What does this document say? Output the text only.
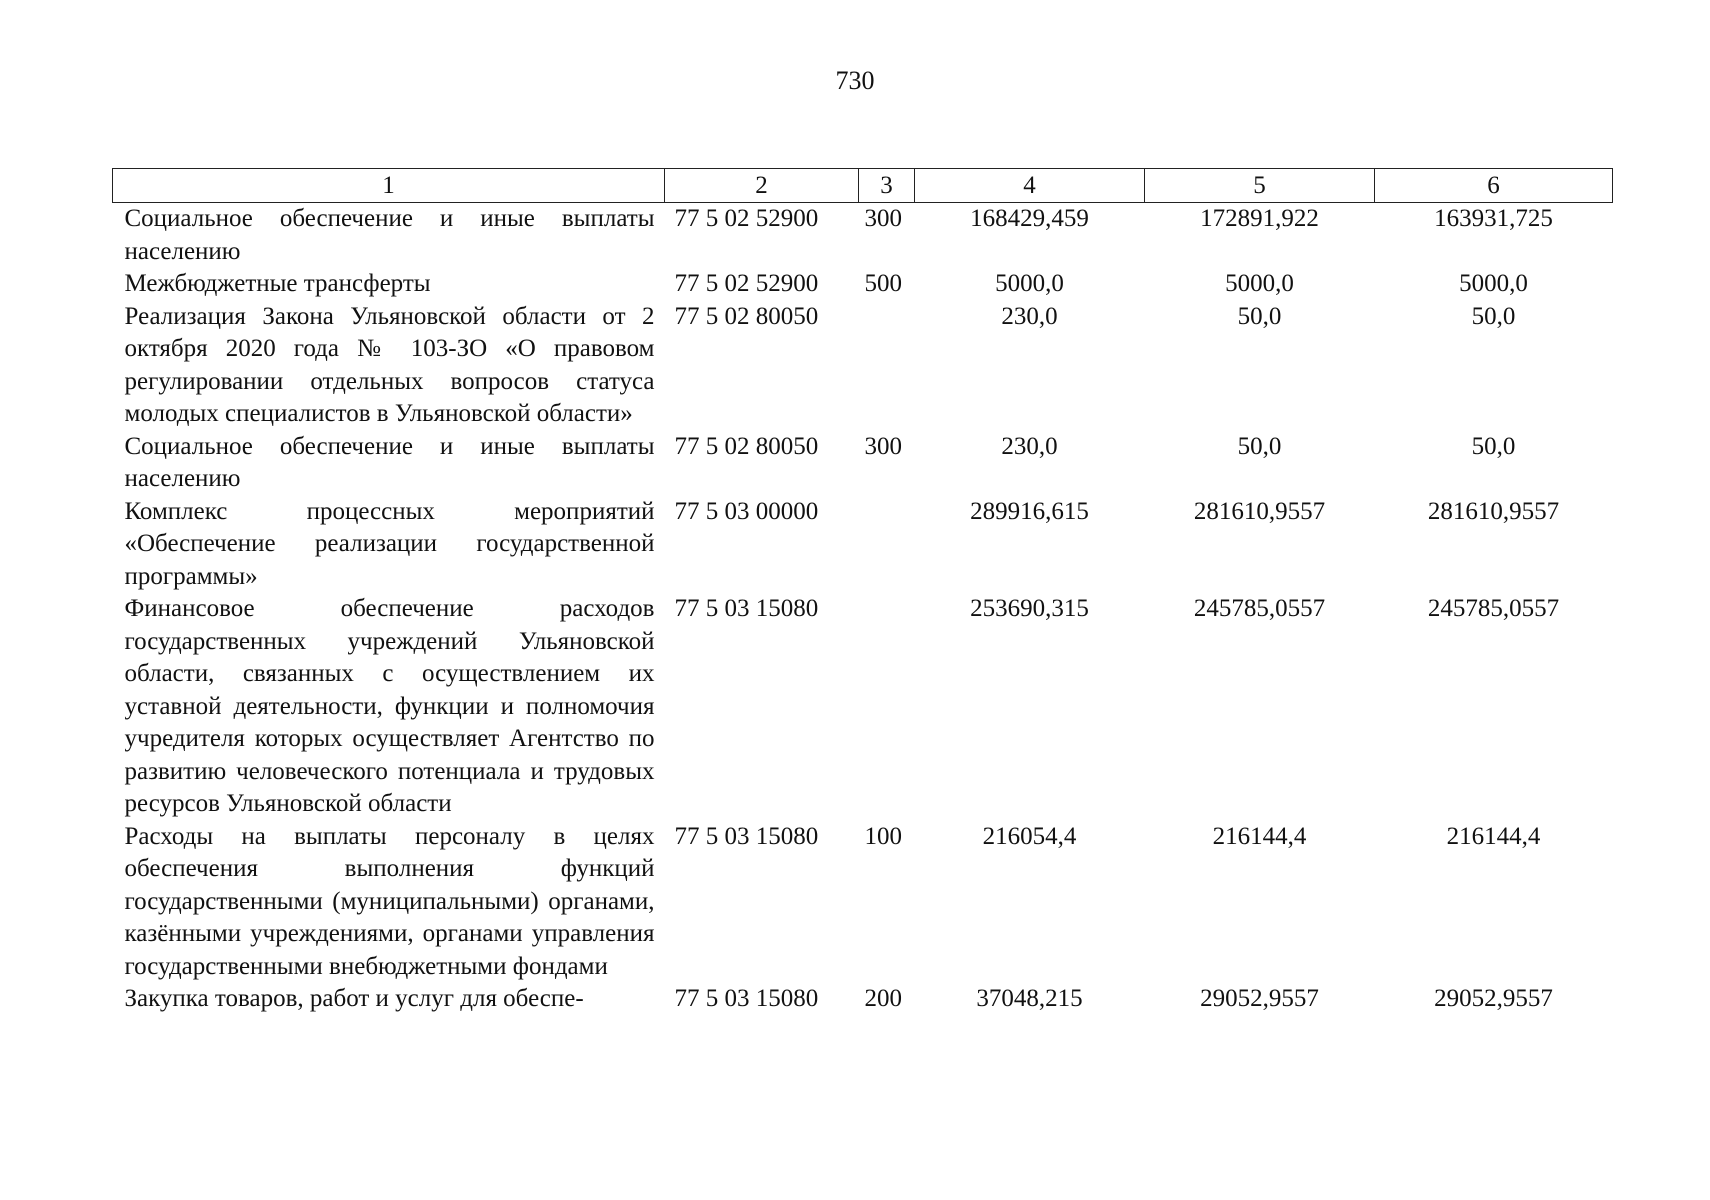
730
1	2	3	4	5	6
Социальное обеспечение и иные выплаты населению	77 5 02 52900	300	168429,459	172891,922	163931,725
Межбюджетные трансферты	77 5 02 52900	500	5000,0	5000,0	5000,0
Реализация Закона Ульяновской области от 2 октября 2020 года № 103-ЗО «О правовом регулировании отдельных вопросов статуса молодых специалистов в Ульяновской области»	77 5 02 80050		230,0	50,0	50,0
Социальное обеспечение и иные выплаты населению	77 5 02 80050	300	230,0	50,0	50,0
Комплекс процессных мероприятий «Обеспечение реализации государственной программы»	77 5 03 00000		289916,615	281610,9557	281610,9557
Финансовое обеспечение расходов государственных учреждений Ульяновской области, связанных с осуществлением их уставной деятельности, функции и полномочия учредителя которых осуществляет Агентство по развитию человеческого потенциала и трудовых ресурсов Ульяновской области	77 5 03 15080		253690,315	245785,0557	245785,0557
Расходы на выплаты персоналу в целях обеспечения выполнения функций государственными (муниципальными) органами, казёнными учреждениями, органами управления государственными внебюджетными фондами	77 5 03 15080	100	216054,4	216144,4	216144,4
Закупка товаров, работ и услуг для обеспе-	77 5 03 15080	200	37048,215	29052,9557	29052,9557
